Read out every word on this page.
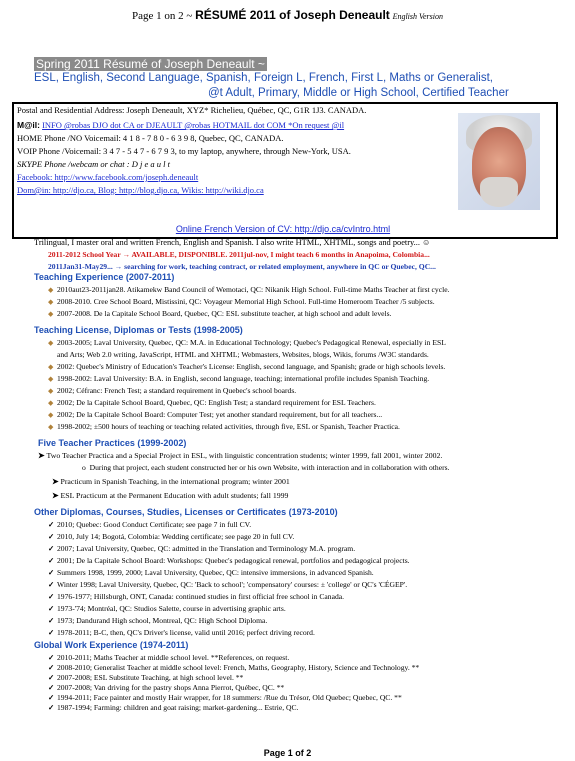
Page 1 on 2 ~ RÉSUMÉ 2011 of Joseph Deneault English Version
Spring 2011 Résumé of Joseph Deneault ~
ESL, English, Second Language, Spanish, Foreign L, French, First L, Maths or Generalist,
@t Adult, Primary, Middle or High School, Certified Teacher
Postal and Residential Address: Joseph Deneault, XYZ* Richelieu, Québec, QC, G1R 1J3. CANADA.
M@il: INFO @robas DJO dot CA or DJEAULT @robas HOTMAIL dot COM *On request @il
HOME Phone /NO Voicemail: 4 1 8 - 7 8 0 - 6 3 9 8, Quebec, QC, CANADA.
VOIP Phone /Voicemail: 3 4 7 - 5 4 7 - 6 7 9 3, to my laptop, anywhere, through New-York, USA.
SKYPE Phone /webcam or chat : D j e a u l t
Facebook: http://www.facebook.com/joseph.deneault
Dom@in: http://djo.ca, Blog: http://blog.djo.ca, Wikis: http://wiki.djo.ca
Online French Version of CV: http://djo.ca/cvIntro.html
Trilingual, I master oral and written French, English and Spanish. I also write HTML, XHTML, songs and poetry... ☺
2011-2012 School Year → AVAILABLE, DISPONIBLE. 2011jul-nov, I might teach 6 months in Anapoima, Colombia...
2011Jan31-May29... → searching for work, teaching contract, or related employment, anywhere in QC or Quebec, QC...
Teaching Experience (2007-2011)
◆ 2010aut23-2011jan28. Atikamekw Band Council of Wemotaci, QC: Nikanik High School. Full-time Maths Teacher at first cycle.
◆ 2008-2010. Cree School Board, Mistissini, QC: Voyageur Memorial High School. Full-time Homeroom Teacher /5 subjects.
◆ 2007-2008. De la Capitale School Board, Quebec, QC: ESL substitute teacher, at high school and adult levels.
Teaching License, Diplomas or Tests (1998-2005)
◆ 2003-2005; Laval University, Quebec, QC: M.A. in Educational Technology; Quebec's Pedagogical Renewal, especially in ESL
and Arts; Web 2.0 writing, JavaScript, HTML and XHTML; Webmasters, Websites, blogs, Wikis, forums /W3C standards.
◆ 2002: Quebec's Ministry of Education's Teacher's License: English, second language, and Spanish; grade or high schools levels.
◆ 1998-2002: Laval University: B.A. in English, second language, teaching; international profile includes Spanish Teaching.
◆ 2002; Céfranc: French Test; a standard requirement in Quebec's school boards.
◆ 2002; De la Capitale School Board, Quebec, QC: English Test; a standard requirement for ESL Teachers.
◆ 2002; De la Capitale School Board: Computer Test; yet another standard requirement, but for all teachers...
◆ 1998-2002; ±500 hours of teaching or teaching related activities, through five, ESL or Spanish, Teacher Practica.
Five Teacher Practices (1999-2002)
➤ Two Teacher Practica and a Special Project in ESL, with linguistic concentration students; winter 1999, fall 2001, winter 2002.
o  During that project, each student constructed her or his own Website, with interaction and in collaboration with others.
➤ Practicum in Spanish Teaching, in the international program; winter 2001
➤ ESL Practicum at the Permanent Education with adult students; fall 1999
Other Diplomas, Courses, Studies, Licenses or Certificates (1973-2010)
✓ 2010; Quebec: Good Conduct Certificate; see page 7 in full CV.
✓ 2010, July 14; Bogotá, Colombia: Wedding certificate; see page 20 in full CV.
✓ 2007; Laval University, Quebec, QC: admitted in the Translation and Terminology M.A. program.
✓ 2001; De la Capitale School Board: Workshops: Quebec's pedagogical renewal, portfolios and pedagogical projects.
✓ Summers 1998, 1999, 2000; Laval University, Quebec, QC: intensive immersions, in advanced Spanish.
✓ Winter 1998; Laval University, Quebec, QC: 'Back to school'; 'compensatory' courses: ± 'college' or QC's 'CÉGEP'.
✓ 1976-1977; Hillsburgh, ONT, Canada: continued studies in first official free school in Canada.
✓ 1973-'74; Montréal, QC: Studios Salette, course in advertising graphic arts.
✓ 1973; Dandurand High school, Montreal, QC: High School Diploma.
✓ 1978-2011; B-C, then, QC's Driver's license, valid until 2016; perfect driving record.
Global Work Experience (1974-2011)
✓ 2010-2011; Maths Teacher at middle school level. **References, on request.
✓ 2008-2010; Generalist Teacher at middle school level: French, Maths, Geography, History, Science and Technology. **
✓ 2007-2008; ESL Substitute Teaching, at high school level. **
✓ 2007-2008; Van driving for the pastry shops Anna Pierrot, Québec, QC. **
✓ 1994-2011; Face painter and mostly Hair wrapper, for 18 summers: /Rue du Trésor, Old Quebec; Quebec, QC. **
✓ 1987-1994; Farming: children and goat raising; market-gardening... Estrie, QC.
Page 1 of 2
